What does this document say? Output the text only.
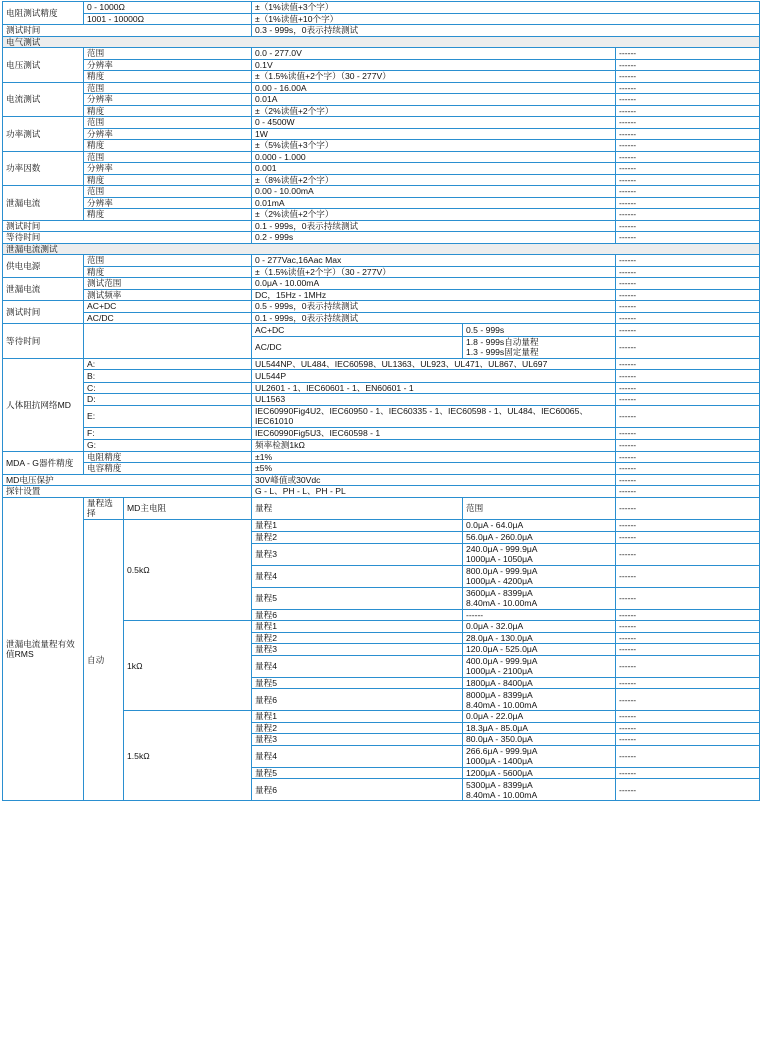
电阻测试精度	0 - 1000Ω		±（1%读值+3个字）		
	1001 - 10000Ω		±（1%读值+10个字）		
测试时间			0.3 - 999s，0表示持续测试		
电气测试					
电压测试	范围		0.0 - 277.0V		------
	分辨率		0.1V		------
	精度		±（1.5%读值+2个字）（30 - 277V）		------
电流测试	范围		0.00 - 16.00A		------
	分辨率		0.01A		------
	精度		±（2%读值+2个字）		------
功率测试	范围		0 - 4500W		------
	分辨率		1W		------
	精度		±（5%读值+3个字）		------
功率因数	范围		0.000 - 1.000		------
	分辨率		0.001		------
	精度		±（8%读值+2个字）		------
泄漏电流	范围		0.00 - 10.00mA		------
	分辨率		0.01mA		------
	精度		±（2%读值+2个字）		------
测试时间			0.1 - 999s，0表示持续测试		------
等待时间			0.2 - 999s		------
泄漏电流测试					
供电电源	范围		0 - 277Vac,16Aac Max		------
	精度		±（1.5%读值+2个字）（30 - 277V）		------
泄漏电流	测试范围		0.0μA - 10.00mA		------
	测试频率		DC，15Hz - 1MHz		------
测试时间	AC+DC		0.5 - 999s，0表示持续测试		------
	AC/DC		0.1 - 999s，0表示持续测试		------
等待时间			AC+DC	0.5 - 999s	------
			AC/DC	1.8 - 999s自动量程
1.3 - 999s固定量程	------
人体阻抗网络MD	A:		UL544NP、UL484、IEC60598、UL1363、UL923、UL471、UL867、UL697		------
	B:		UL544P		------
	C:		UL2601 - 1、IEC60601 - 1、EN60601 - 1		------
	D:		UL1563		------
	E:		IEC60990Fig4U2、IEC60950 - 1、IEC60335 - 1、IEC60598 - 1、UL484、IEC60065、IEC61010		------
	F:		IEC60990Fig5U3、IEC60598 - 1		------
	G:		频率检测1kΩ		------
MDA - G器件精度	电阻精度		±1%		------
	电容精度		±5%		------
MD电压保护			30V峰值或30Vdc		------
探针设置			G - L、PH - L、PH - PL		------
泄漏电流量程有效值RMS	量程选择	MD主电阻	量程	范围	------
	自动	0.5kΩ	量程1	0.0μA - 64.0μA	------
			量程2	56.0μA - 260.0μA	------
			量程3	240.0μA - 999.9μA
1000μA - 1050μA	------
			量程4	800.0μA - 999.9μA
1000μA - 4200μA	------
			量程5	3600μA - 8399μA
8.40mA - 10.00mA	------
			量程6	------	------
		1kΩ	量程1	0.0μA - 32.0μA	------
			量程2	28.0μA - 130.0μA	------
			量程3	120.0μA - 525.0μA	------
			量程4	400.0μA - 999.9μA
1000μA - 2100μA	------
			量程5	1800μA - 8400μA	------
			量程6	8000μA - 8399μA
8.40mA - 10.00mA	------
		1.5kΩ	量程1	0.0μA - 22.0μA	------
			量程2	18.3μA - 85.0μA	------
			量程3	80.0μA - 350.0μA	------
			量程4	266.6μA - 999.9μA
1000μA - 1400μA	------
			量程5	1200μA - 5600μA	------
			量程6	5300μA - 8399μA
8.40mA - 10.00mA	------
